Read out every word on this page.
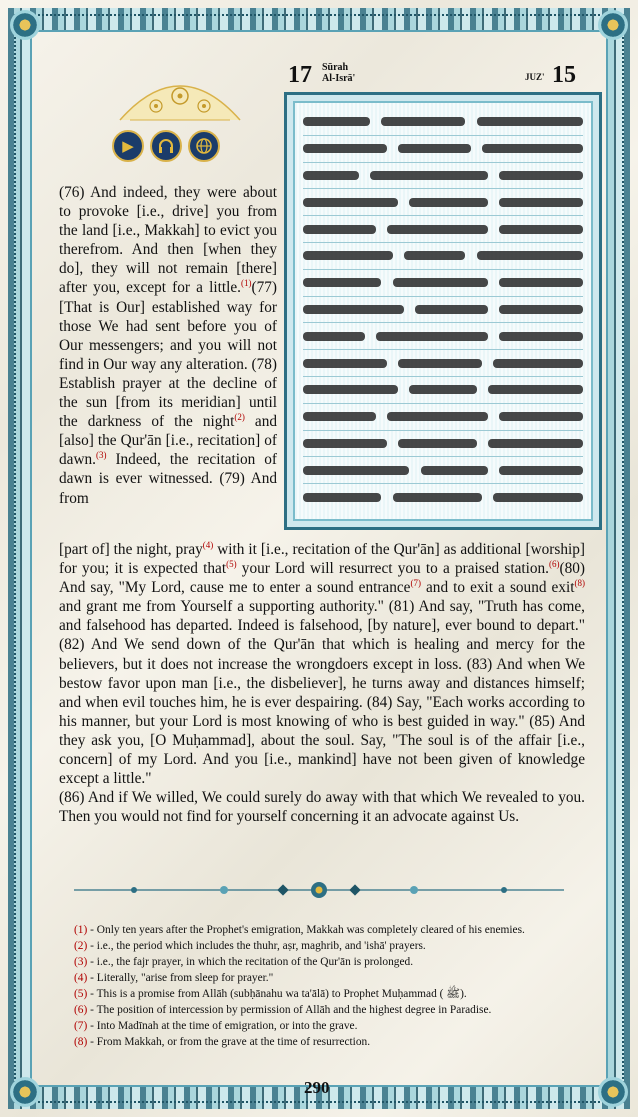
17 Sūrah
Al-Isrā'	JUZ' 15
▶
(76) And indeed, they were about to provoke [i.e., drive] you from the land [i.e., Makkah] to evict you therefrom. And then [when they do], they will not remain [there] after you, except for a little.$^{(1)}$(77) [That is Our] established way for those We had sent before you of Our messengers; and you will not find in Our way any alteration. (78) Establish prayer at the decline of the sun [from its meridian] until the darkness of the night$^{(2)}$ and [also] the Qur'ān [i.e., recitation] of dawn.$^{(3)}$ Indeed, the recitation of dawn is ever witnessed. (79) And from
[part of] the night, pray$^{(4)}$ with it [i.e., recitation of the Qur'ān] as additional [worship] for you; it is expected that$^{(5)}$ your Lord will resurrect you to a praised station.$^{(6)}$(80) And say, "My Lord, cause me to enter a sound entrance$^{(7)}$ and to exit a sound exit$^{(8)}$ and grant me from Yourself a supporting authority." (81) And say, "Truth has come, and falsehood has departed. Indeed is falsehood, [by nature], ever bound to depart." (82) And We send down of the Qur'ān that which is healing and mercy for the believers, but it does not increase the wrongdoers except in loss. (83) And when We bestow favor upon man [i.e., the disbeliever], he turns away and distances himself; and when evil touches him, he is ever despairing. (84) Say, "Each works according to his manner, but your Lord is most knowing of who is best guided in way." (85) And they ask you, [O Muḥammad], about the soul. Say, "The soul is of the affair [i.e., concern] of my Lord. And you [i.e., mankind] have not been given of knowledge except a little."
(86) And if We willed, We could surely do away with that which We revealed to you. Then you would not find for yourself concerning it an advocate against Us.
(1) - Only ten years after the Prophet's emigration, Makkah was completely cleared of his enemies.
(2) - i.e., the period which includes the thuhr, aṣr, maghrib, and 'ishā' prayers.
(3) - i.e., the fajr prayer, in which the recitation of the Qur'ān is prolonged.
(4) - Literally, "arise from sleep for prayer."
(5) - This is a promise from Allāh (subḥānahu wa ta'ālā) to Prophet Muḥammad ( ﷺ).
(6) - The position of intercession by permission of Allāh and the highest degree in Paradise.
(7) - Into Madīnah at the time of emigration, or into the grave.
(8) - From Makkah, or from the grave at the time of resurrection.
290
